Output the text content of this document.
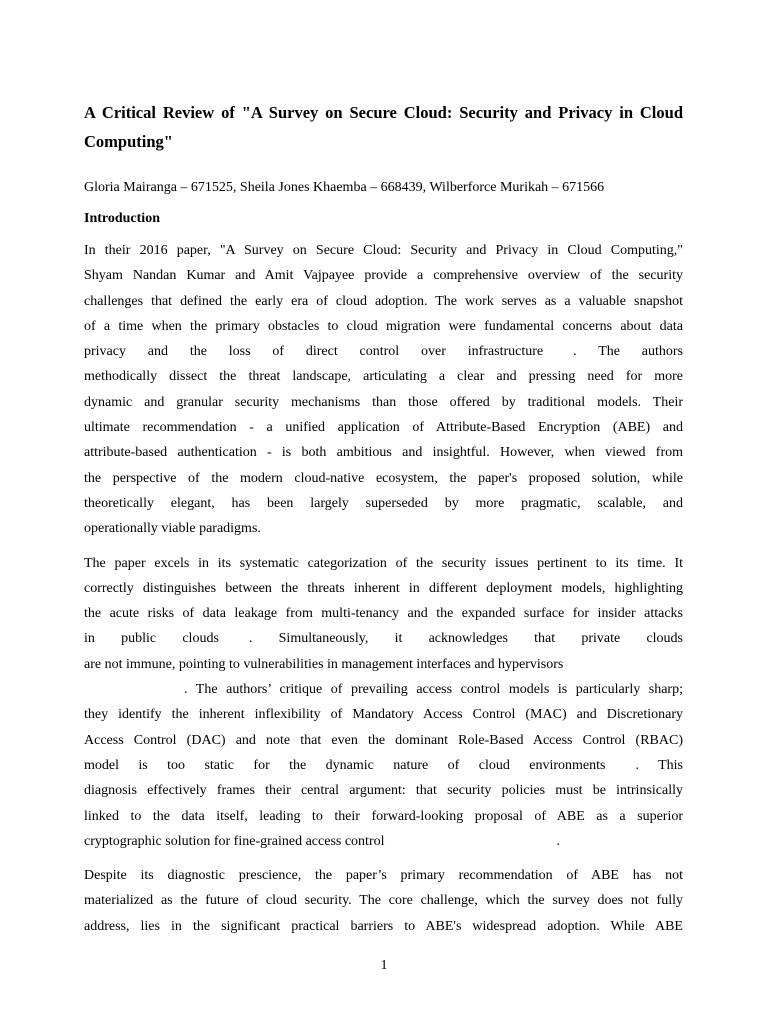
A Critical Review of "A Survey on Secure Cloud: Security and Privacy in Cloud Computing"
Gloria Mairanga – 671525, Sheila Jones Khaemba – 668439, Wilberforce Murikah – 671566
Introduction
In their 2016 paper, "A Survey on Secure Cloud: Security and Privacy in Cloud Computing,"
Shyam Nandan Kumar and Amit Vajpayee provide a comprehensive overview of the security
challenges that defined the early era of cloud adoption. The work serves as a valuable snapshot
of a time when the primary obstacles to cloud migration were fundamental concerns about data
privacy and the loss of direct control over infrastructure . The authors
methodically dissect the threat landscape, articulating a clear and pressing need for more
dynamic and granular security mechanisms than those offered by traditional models. Their
ultimate recommendation - a unified application of Attribute-Based Encryption (ABE) and
attribute-based authentication - is both ambitious and insightful. However, when viewed from
the perspective of the modern cloud-native ecosystem, the paper's proposed solution, while
theoretically elegant, has been largely superseded by more pragmatic, scalable, and
operationally viable paradigms.
The paper excels in its systematic categorization of the security issues pertinent to its time. It
correctly distinguishes between the threats inherent in different deployment models, highlighting
the acute risks of data leakage from multi-tenancy and the expanded surface for insider attacks
in public clouds . Simultaneously, it acknowledges that private clouds
are not immune, pointing to vulnerabilities in management interfaces and hypervisors
. The authors’ critique of prevailing access control models is particularly sharp;
they identify the inherent inflexibility of Mandatory Access Control (MAC) and Discretionary
Access Control (DAC) and note that even the dominant Role-Based Access Control (RBAC)
model is too static for the dynamic nature of cloud environments . This
diagnosis effectively frames their central argument: that security policies must be intrinsically
linked to the data itself, leading to their forward-looking proposal of ABE as a superior
cryptographic solution for fine-grained access control	.
Despite its diagnostic prescience, the paper’s primary recommendation of ABE has not
materialized as the future of cloud security. The core challenge, which the survey does not fully
address, lies in the significant practical barriers to ABE's widespread adoption. While ABE
1
